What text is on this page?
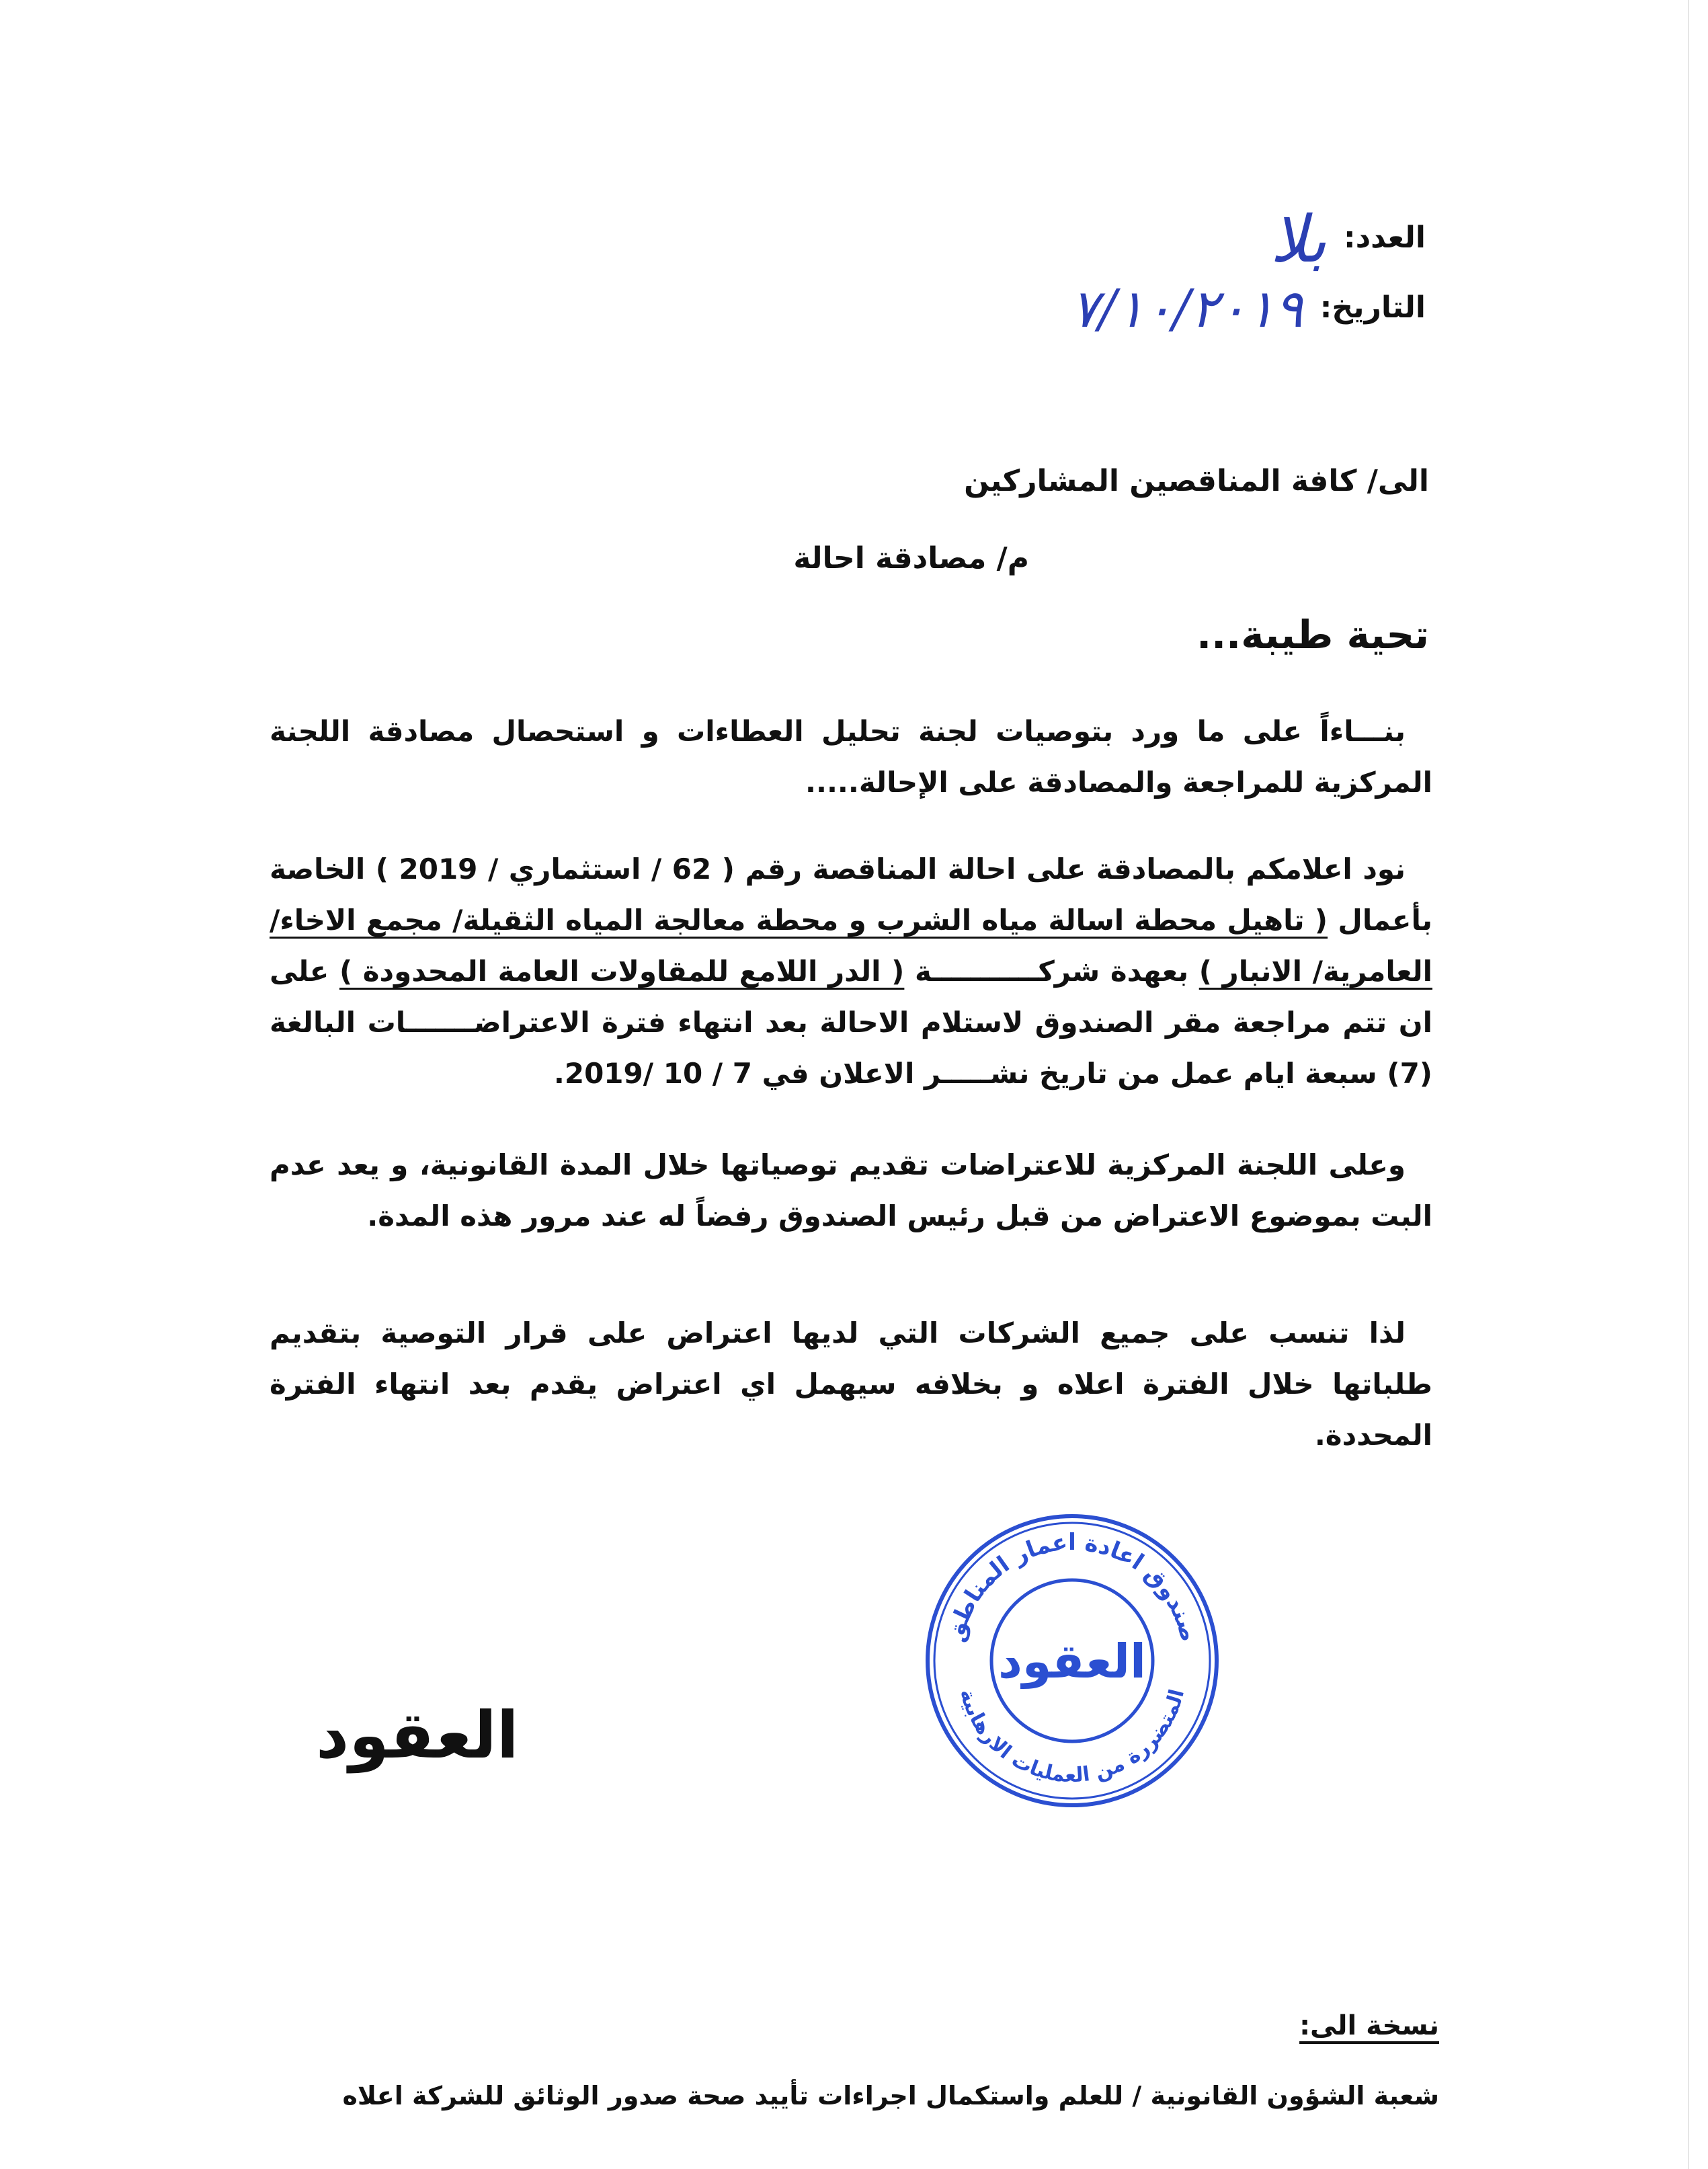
العدد: بلا
التاريخ: ٧/١٠/٢٠١٩
الى/ كافة المناقصين المشاركين
م/ مصادقة احالة
تحية طيبة...
بنـــاءاً على ما ورد بتوصيات لجنة تحليل العطاءات و استحصال مصادقة اللجنة المركزية للمراجعة والمصادقة على الإحالة.....
نود اعلامكم بالمصادقة على احالة المناقصة رقم ( 62 / استثماري / 2019 ) الخاصة بأعمال ( تاهيل محطة اسالة مياه الشرب و محطة معالجة المياه الثقيلة/ مجمع الاخاء/ العامرية/ الانبار ) بعهدة شركـــــــــــة ( الدر اللامع للمقاولات العامة المحدودة ) على ان تتم مراجعة مقر الصندوق لاستلام الاحالة بعد انتهاء فترة الاعتراضـــــــات البالغة (7) سبعة ايام عمل من تاريخ نشـــــر الاعلان في 7 / 10 /2019.
وعلى اللجنة المركزية للاعتراضات تقديم توصياتها خلال المدة القانونية، و يعد عدم البت بموضوع الاعتراض من قبل رئيس الصندوق رفضاً له عند مرور هذه المدة.
لذا تنسب على جميع الشركات التي لديها اعتراض على قرار التوصية بتقديم طلباتها خلال الفترة اعلاه و بخلافه سيهمل اي اعتراض يقدم بعد انتهاء الفترة المحددة.
صندوق اعادة اعمار المناطق
المتضررة من العمليات الارهابية
العقود
العقود
نسخة الى:
شعبة الشؤون القانونية / للعلم واستكمال اجراءات تأييد صحة صدور الوثائق للشركة اعلاه
